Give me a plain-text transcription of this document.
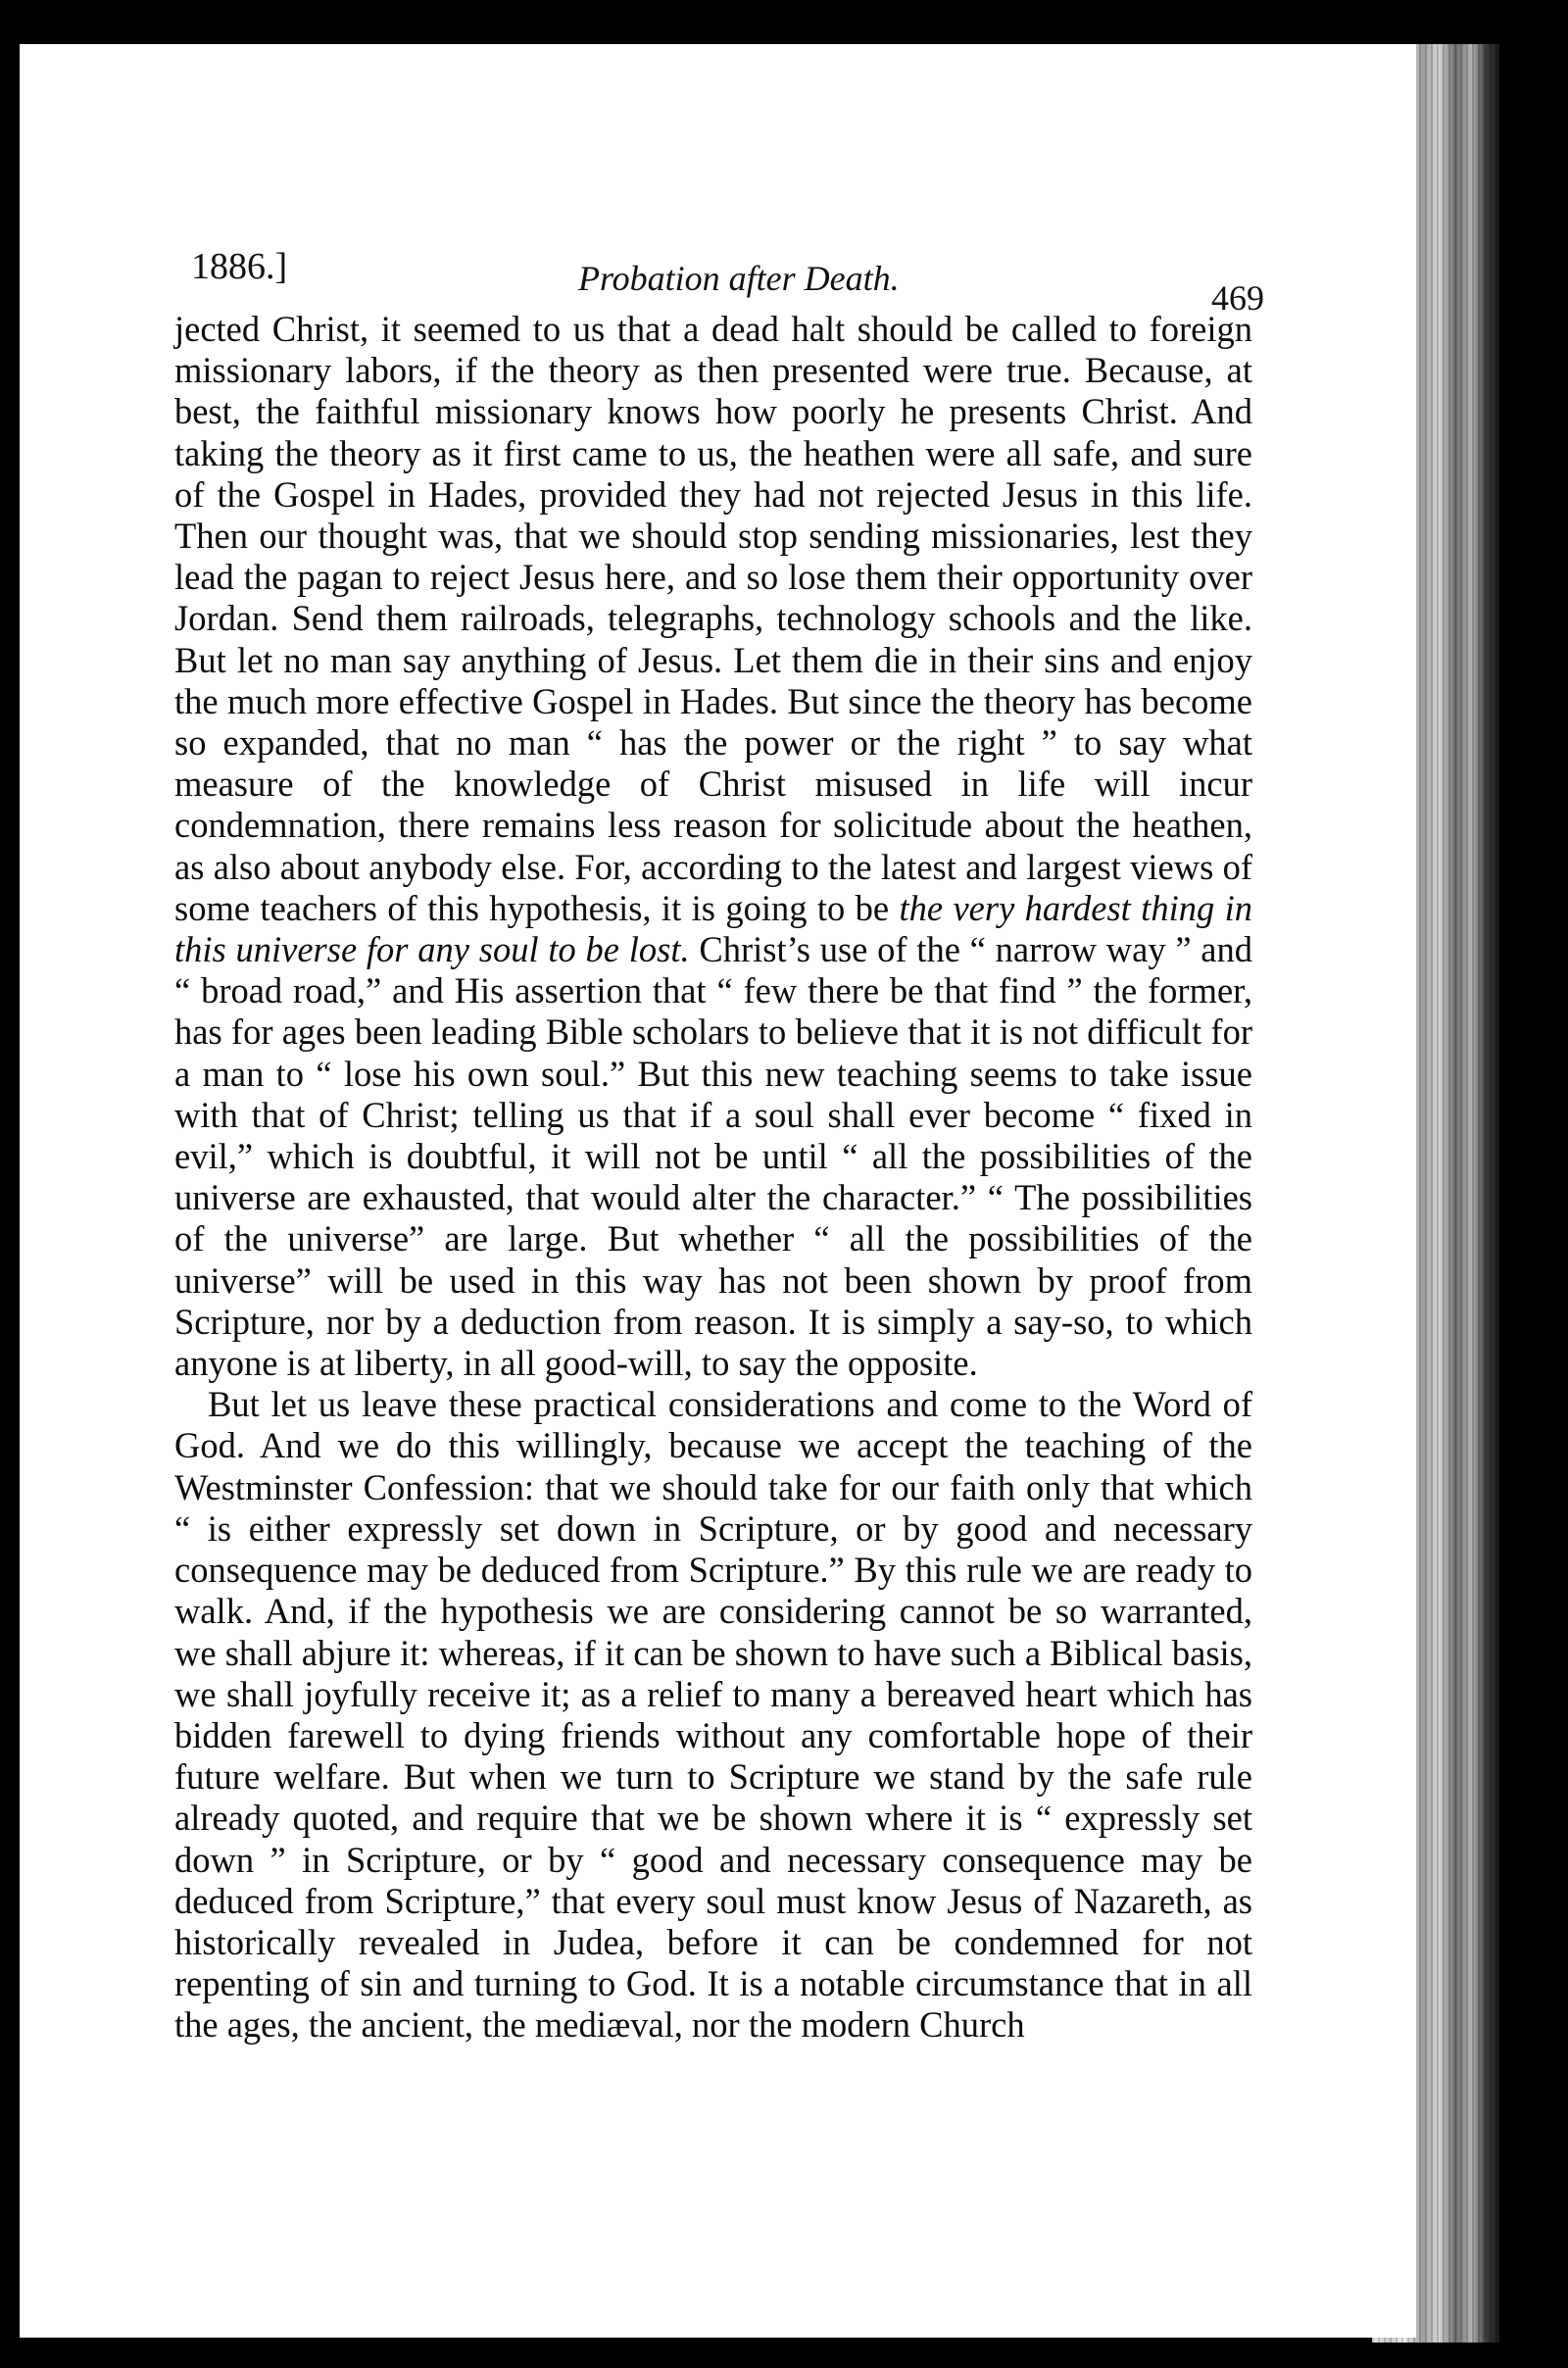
1886.]	Probation after Death.	469

jected Christ, it seemed to us that a dead halt should be called to foreign missionary labors, if the theory as then presented were true. Because, at best, the faithful missionary knows how poorly he presents Christ. And taking the theory as it first came to us, the heathen were all safe, and sure of the Gospel in Hades, provided they had not rejected Jesus in this life. Then our thought was, that we should stop sending missionaries, lest they lead the pagan to reject Jesus here, and so lose them their opportunity over Jordan. Send them railroads, telegraphs, technology schools and the like. But let no man say anything of Jesus. Let them die in their sins and enjoy the much more effective Gospel in Hades. But since the theory has become so expanded, that no man “ has the power or the right ” to say what measure of the knowledge of Christ misused in life will incur condemnation, there remains less reason for solicitude about the heathen, as also about anybody else. For, according to the latest and largest views of some teachers of this hypothesis, it is going to be the very hardest thing in this universe for any soul to be lost. Christ’s use of the “ narrow way ” and “ broad road,” and His assertion that “ few there be that find ” the former, has for ages been leading Bible scholars to believe that it is not difficult for a man to “ lose his own soul.” But this new teaching seems to take issue with that of Christ; telling us that if a soul shall ever become “ fixed in evil,” which is doubtful, it will not be until “ all the possibilities of the universe are exhausted, that would alter the character.” “ The possibilities of the universe” are large. But whether “ all the possibilities of the universe” will be used in this way has not been shown by proof from Scripture, nor by a deduction from reason. It is simply a say-so, to which anyone is at liberty, in all good-will, to say the opposite.

But let us leave these practical considerations and come to the Word of God. And we do this willingly, because we accept the teaching of the Westminster Confession: that we should take for our faith only that which “ is either expressly set down in Scripture, or by good and necessary consequence may be deduced from Scripture.” By this rule we are ready to walk. And, if the hypothesis we are considering cannot be so warranted, we shall abjure it: whereas, if it can be shown to have such a Biblical basis, we shall joyfully receive it; as a relief to many a bereaved heart which has bidden farewell to dying friends without any comfortable hope of their future welfare. But when we turn to Scripture we stand by the safe rule already quoted, and require that we be shown where it is “ expressly set down ” in Scripture, or by “ good and necessary consequence may be deduced from Scripture,” that every soul must know Jesus of Nazareth, as historically revealed in Judea, before it can be condemned for not repenting of sin and turning to God. It is a notable circumstance that in all the ages, the ancient, the mediæval, nor the modern Church
